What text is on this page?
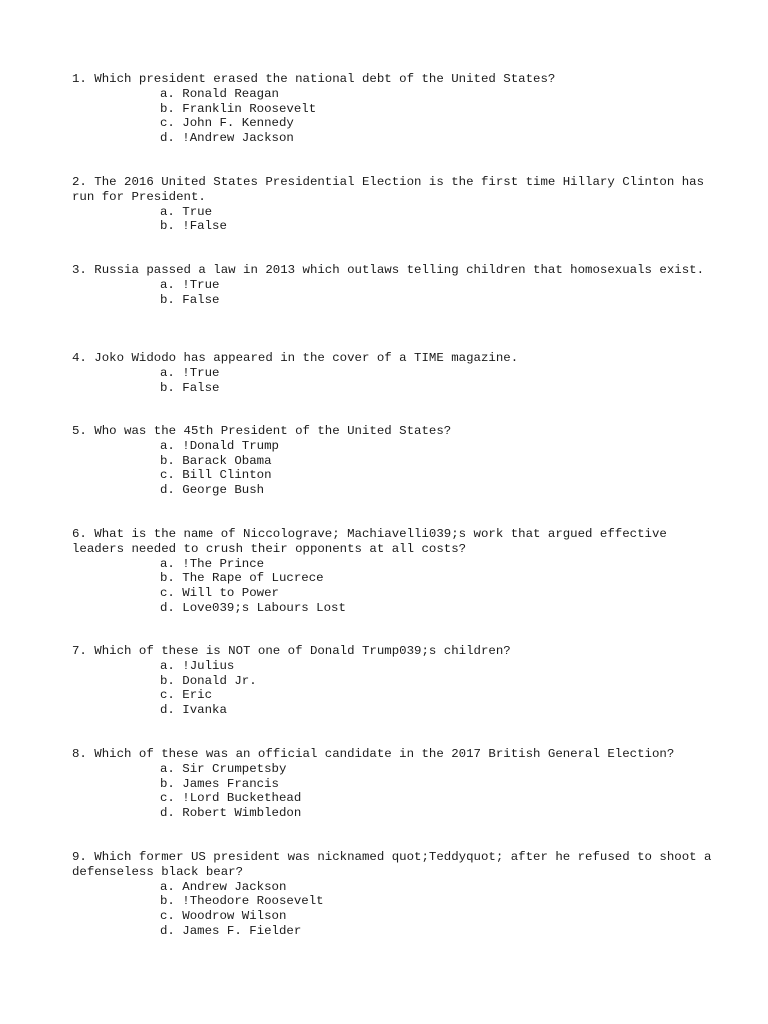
1. Which president erased the national debt of the United States?
a. Ronald Reagan
b. Franklin Roosevelt
c. John F. Kennedy
d. !Andrew Jackson
2. The 2016 United States Presidential Election is the first time Hillary Clinton has run for President.
a. True
b. !False
3. Russia passed a law in 2013 which outlaws telling children that homosexuals exist.
a. !True
b. False
4. Joko Widodo has appeared in the cover of a TIME magazine.
a. !True
b. False
5. Who was the 45th President of the United States?
a. !Donald Trump
b. Barack Obama
c. Bill Clinton
d. George Bush
6. What is the name of Niccolograve; Machiavelli039;s work that argued effective leaders needed to crush their opponents at all costs?
a. !The Prince
b. The Rape of Lucrece
c. Will to Power
d. Love039;s Labours Lost
7. Which of these is NOT one of Donald Trump039;s children?
a. !Julius
b. Donald Jr.
c. Eric
d. Ivanka
8. Which of these was an official candidate in the 2017 British General Election?
a. Sir Crumpetsby
b. James Francis
c. !Lord Buckethead
d. Robert Wimbledon
9. Which former US president was nicknamed quot;Teddyquot; after he refused to shoot a defenseless black bear?
a. Andrew Jackson
b. !Theodore Roosevelt
c. Woodrow Wilson
d. James F. Fielder
